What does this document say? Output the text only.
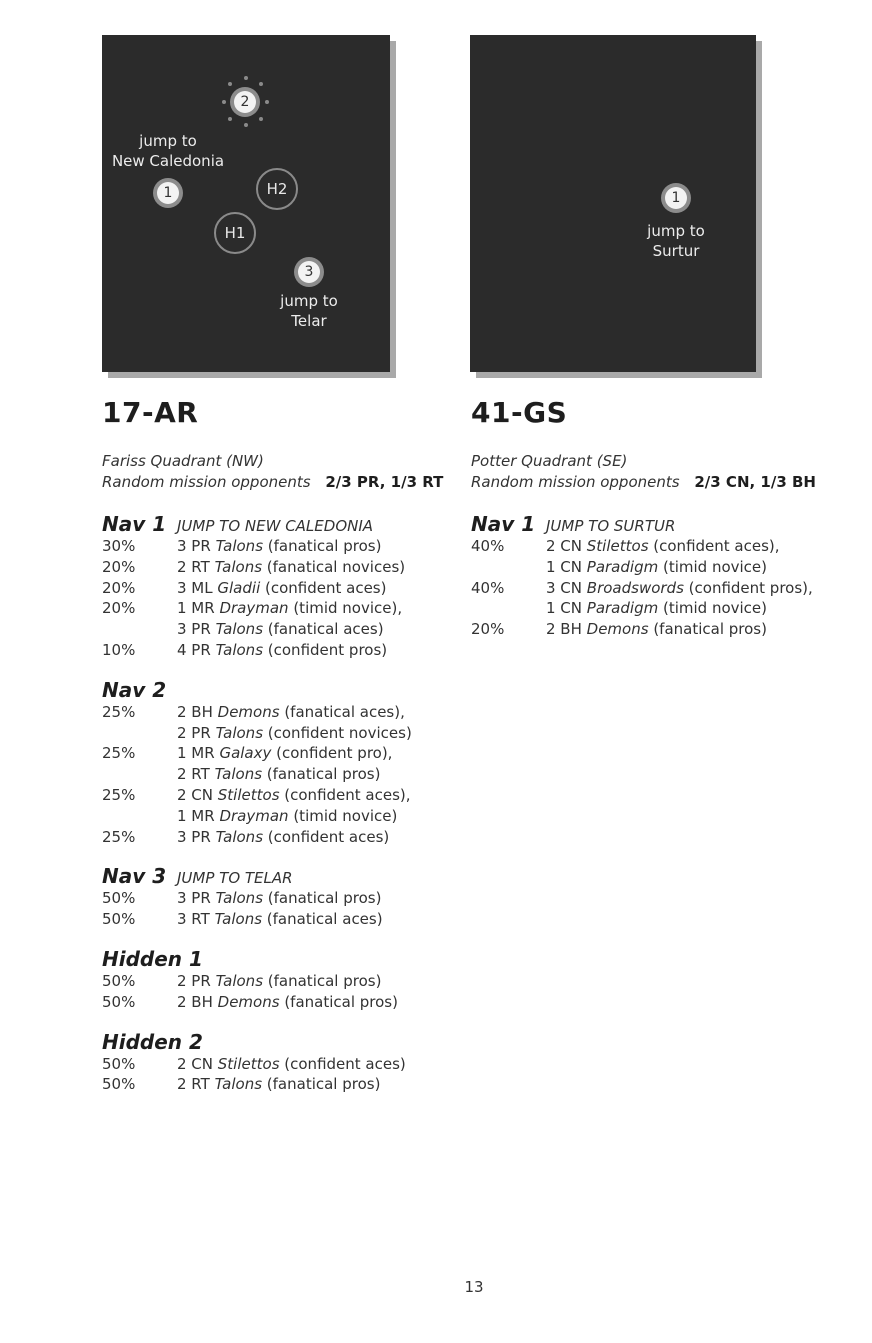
2
jump to
New Caledonia
1	H2
H1
3
jump to
Telar
17-AR
Fariss Quadrant (NW)
Random mission opponents 2/3 PR, 1/3 RT
Nav 1 JUMP TO NEW CALEDONIA
30%	3 PR Talons (fanatical pros)
20%	2 RT Talons (fanatical novices)
20%	3 ML Gladii (confident aces)
20%	1 MR Drayman (timid novice),
3 PR Talons (fanatical aces)
10%	4 PR Talons (confident pros)
Nav 2
25%	2 BH Demons (fanatical aces),
2 PR Talons (confident novices)
25%	1 MR Galaxy (confident pro),
2 RT Talons (fanatical pros)
25%	2 CN Stilettos (confident aces),
1 MR Drayman (timid novice)
25%	3 PR Talons (confident aces)
Nav 3 JUMP TO TELAR
50%	3 PR Talons (fanatical pros)
50%	3 RT Talons (fanatical aces)
Hidden 1
50%	2 PR Talons (fanatical pros)
50%	2 BH Demons (fanatical pros)
Hidden 2
50%	2 CN Stilettos (confident aces)
50%	2 RT Talons (fanatical pros)
1
jump to
Surtur
41-GS
Potter Quadrant (SE)
Random mission opponents 2/3 CN, 1/3 BH
Nav 1 JUMP TO SURTUR
40%	2 CN Stilettos (confident aces),
1 CN Paradigm (timid novice)
40%	3 CN Broadswords (confident pros),
1 CN Paradigm (timid novice)
20%	2 BH Demons (fanatical pros)
13
